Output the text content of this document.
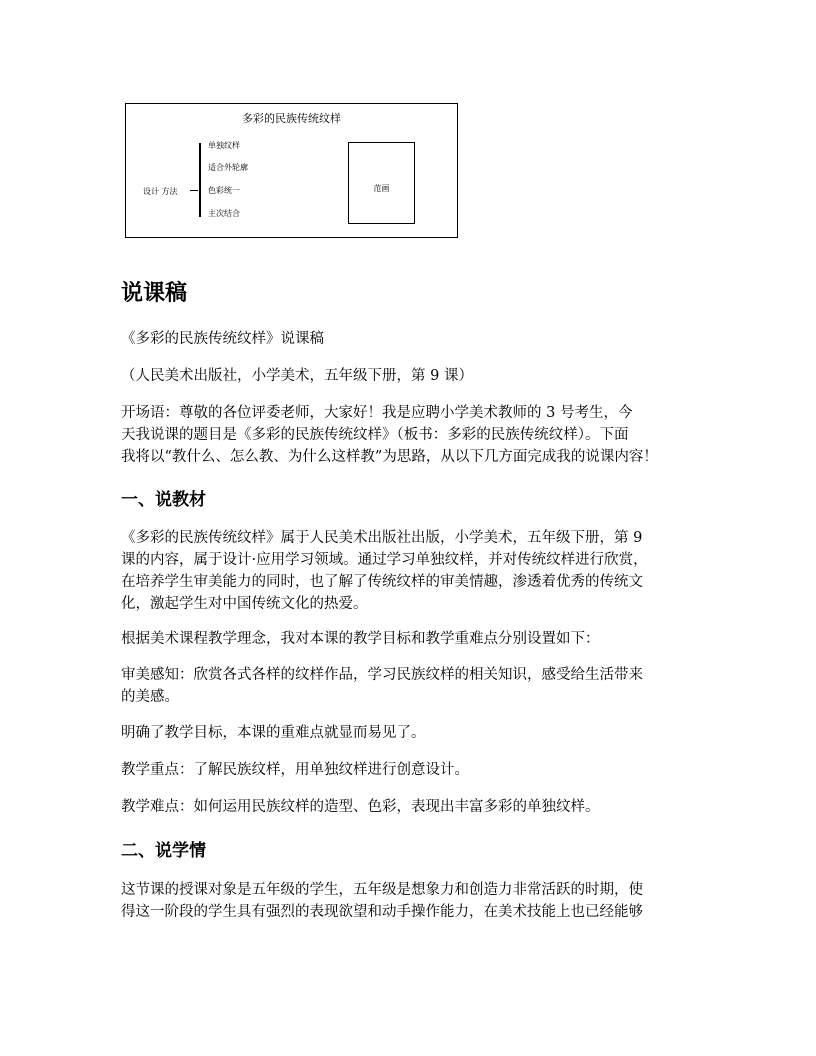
多彩的民族传统纹样
设计 方法
单独纹样
适合外轮廓
色彩统一
主次结合
范画
说课稿
《多彩的民族传统纹样》说课稿
（人民美术出版社，小学美术，五年级下册，第 9 课）
开场语：尊敬的各位评委老师，大家好！我是应聘小学美术教师的 3 号考生，今
天我说课的题目是《多彩的民族传统纹样》（板书：多彩的民族传统纹样）。下面
我将以“教什么、怎么教、为什么这样教”为思路，从以下几方面完成我的说课内容！
一、说教材
《多彩的民族传统纹样》属于人民美术出版社出版，小学美术，五年级下册，第 9
课的内容，属于设计·应用学习领域。通过学习单独纹样，并对传统纹样进行欣赏，
在培养学生审美能力的同时，也了解了传统纹样的审美情趣，渗透着优秀的传统文
化，激起学生对中国传统文化的热爱。
根据美术课程教学理念，我对本课的教学目标和教学重难点分别设置如下：
审美感知：欣赏各式各样的纹样作品，学习民族纹样的相关知识，感受给生活带来
的美感。
明确了教学目标，本课的重难点就显而易见了。
教学重点：了解民族纹样，用单独纹样进行创意设计。
教学难点：如何运用民族纹样的造型、色彩，表现出丰富多彩的单独纹样。
二、说学情
这节课的授课对象是五年级的学生，五年级是想象力和创造力非常活跃的时期，使
得这一阶段的学生具有强烈的表现欲望和动手操作能力，在美术技能上也已经能够
